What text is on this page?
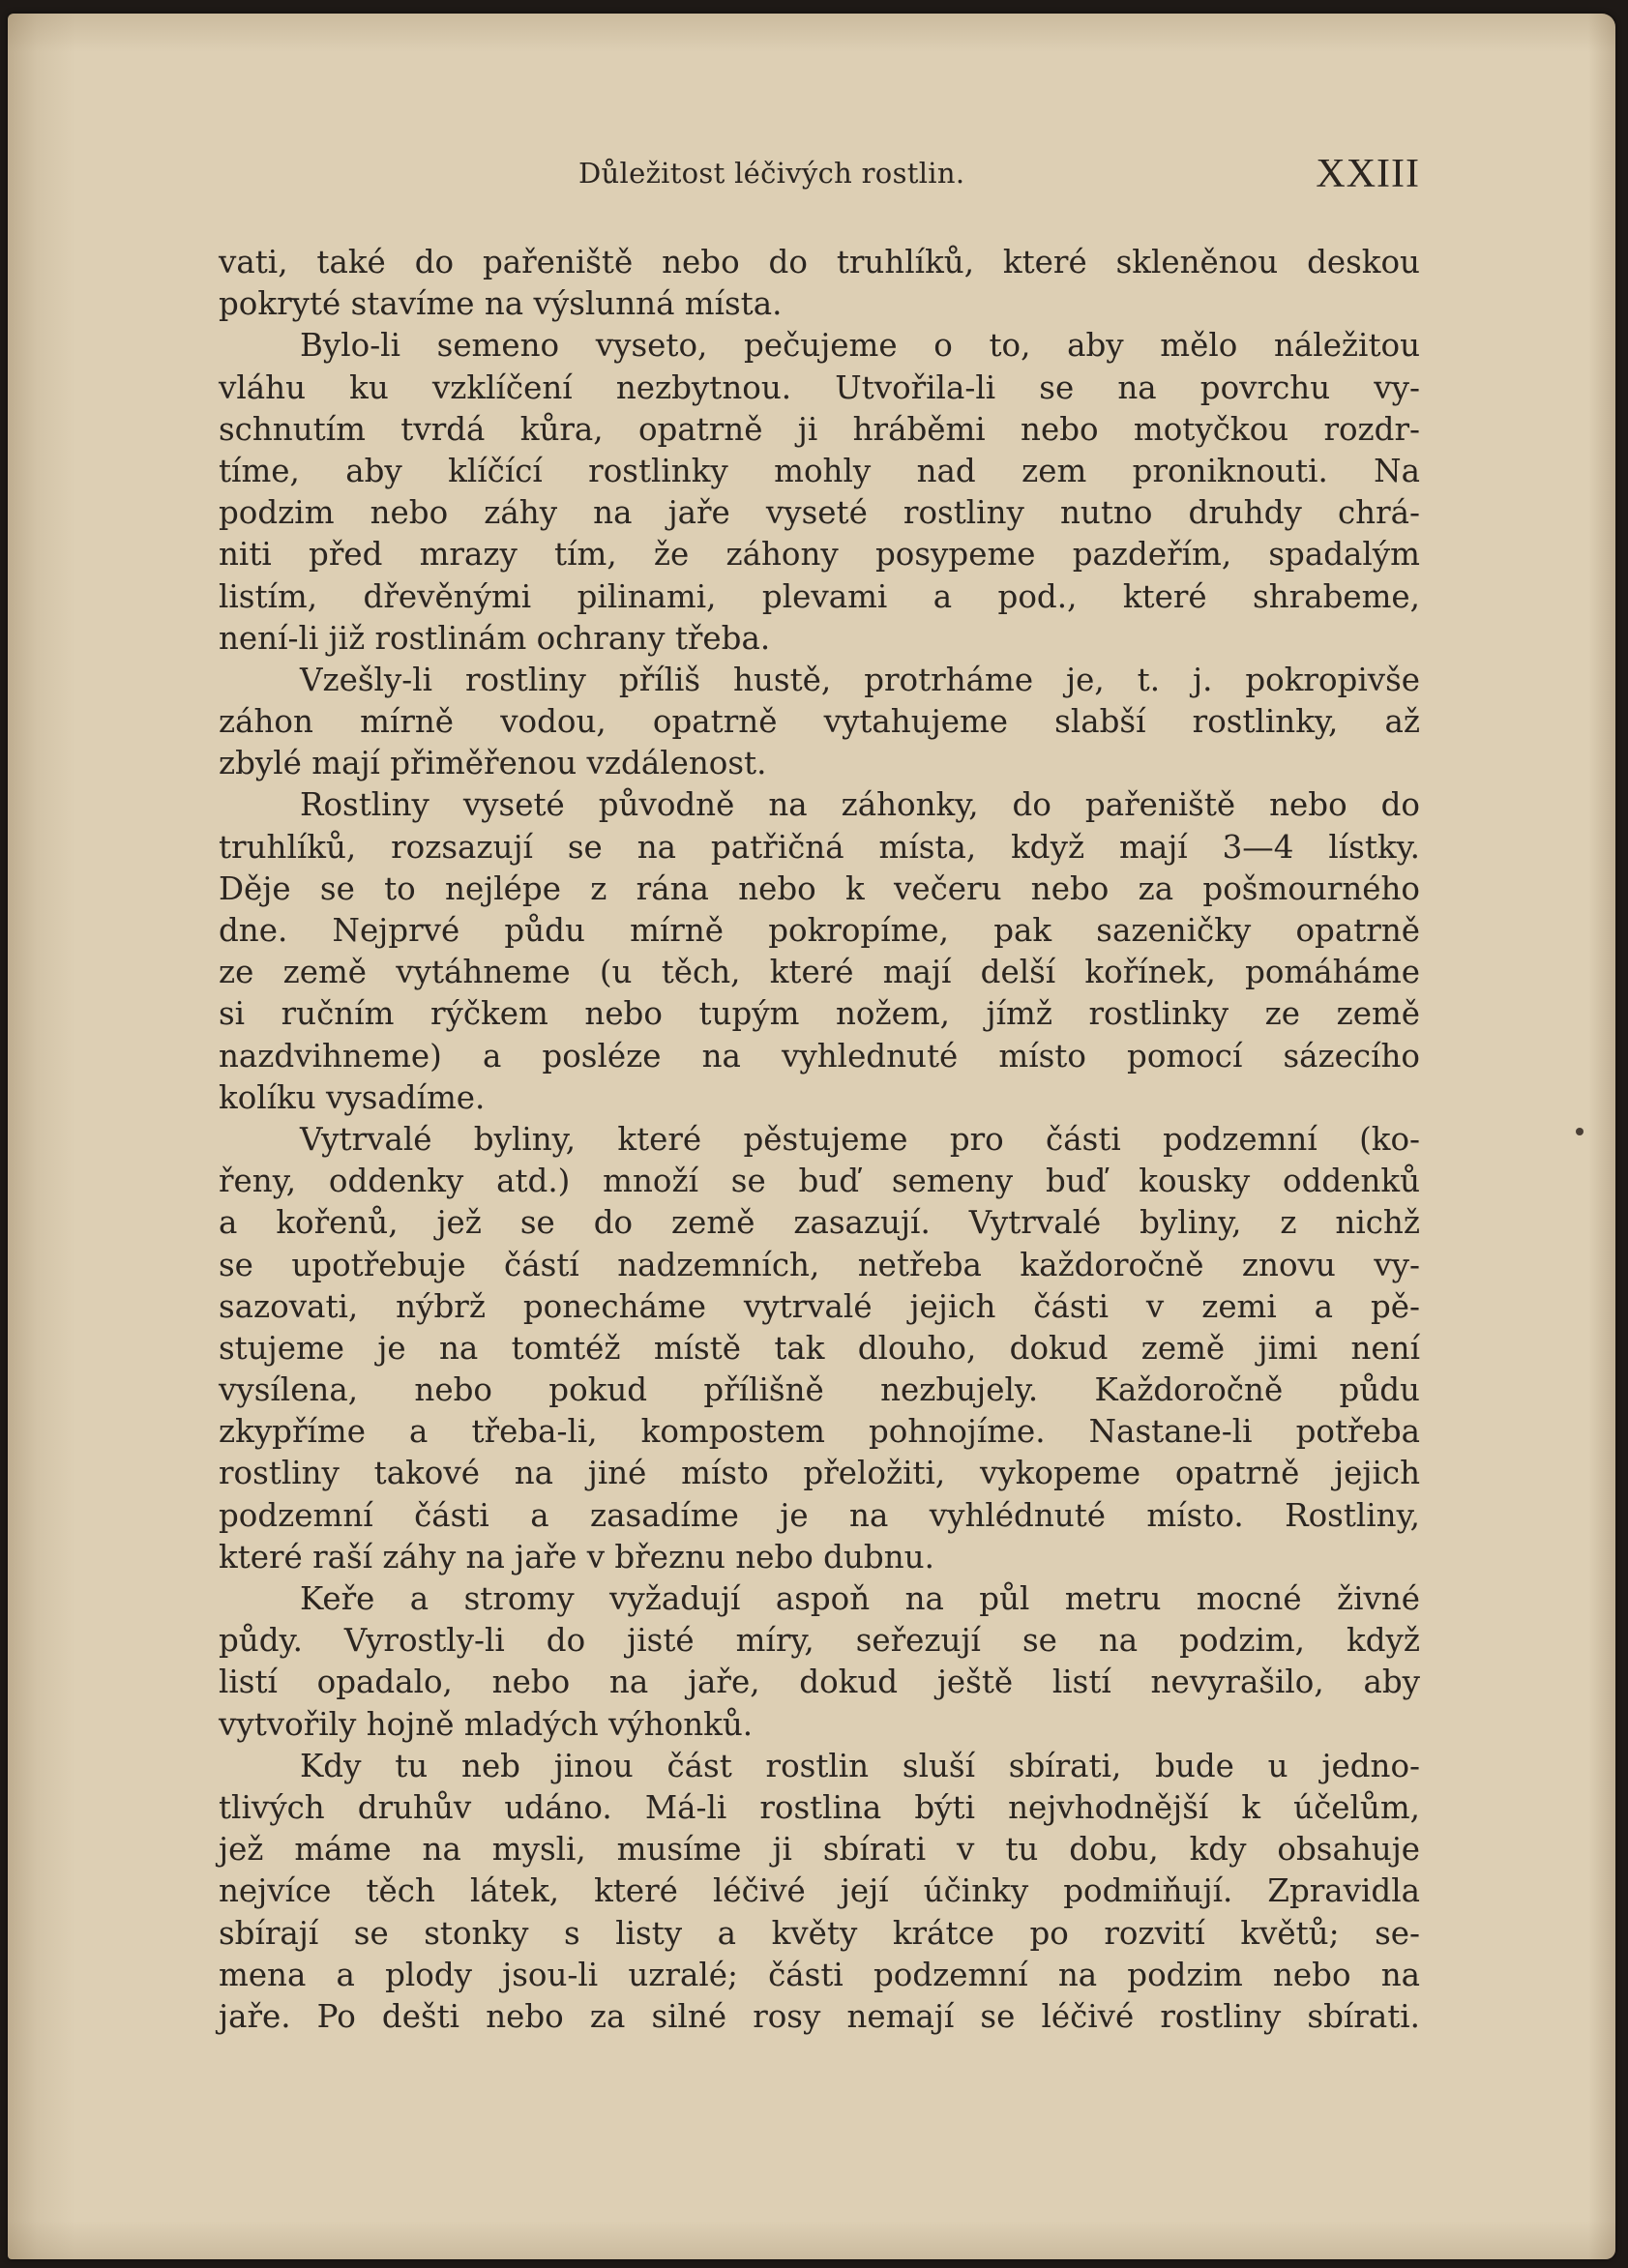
Důležitost léčivých rostlin.	XXIII
vati, také do pařeniště nebo do truhlíků, které skleněnou deskou
pokryté stavíme na výslunná místa.
Bylo-li semeno vyseto, pečujeme o to, aby mělo náležitou
vláhu ku vzklíčení nezbytnou. Utvořila-li se na povrchu vy-
schnutím tvrdá kůra, opatrně ji hráběmi nebo motyčkou rozdr-
tíme, aby klíčící rostlinky mohly nad zem proniknouti. Na
podzim nebo záhy na jaře vyseté rostliny nutno druhdy chrá-
niti před mrazy tím, že záhony posypeme pazdeřím, spadalým
listím, dřevěnými pilinami, plevami a pod., které shrabeme,
není-li již rostlinám ochrany třeba.
Vzešly-li rostliny příliš hustě, protrháme je, t. j. pokropivše
záhon mírně vodou, opatrně vytahujeme slabší rostlinky, až
zbylé mají přiměřenou vzdálenost.
Rostliny vyseté původně na záhonky, do pařeniště nebo do
truhlíků, rozsazují se na patřičná místa, když mají 3—4 lístky.
Děje se to nejlépe z rána nebo k večeru nebo za pošmourného
dne. Nejprvé půdu mírně pokropíme, pak sazeničky opatrně
ze země vytáhneme (u těch, které mají delší kořínek, pomáháme
si ručním rýčkem nebo tupým nožem, jímž rostlinky ze země
nazdvihneme) a posléze na vyhlednuté místo pomocí sázecího
kolíku vysadíme.
Vytrvalé byliny, které pěstujeme pro části podzemní (ko-
řeny, oddenky atd.) množí se buď semeny buď kousky oddenků
a kořenů, jež se do země zasazují. Vytrvalé byliny, z nichž
se upotřebuje částí nadzemních, netřeba každoročně znovu vy-
sazovati, nýbrž ponecháme vytrvalé jejich části v zemi a pě-
stujeme je na tomtéž místě tak dlouho, dokud země jimi není
vysílena, nebo pokud přílišně nezbujely. Každoročně půdu
zkypříme a třeba-li, kompostem pohnojíme. Nastane-li potřeba
rostliny takové na jiné místo přeložiti, vykopeme opatrně jejich
podzemní části a zasadíme je na vyhlédnuté místo. Rostliny,
které raší záhy na jaře v březnu nebo dubnu.
Keře a stromy vyžadují aspoň na půl metru mocné živné
půdy. Vyrostly-li do jisté míry, seřezují se na podzim, když
listí opadalo, nebo na jaře, dokud ještě listí nevyrašilo, aby
vytvořily hojně mladých výhonků.
Kdy tu neb jinou část rostlin sluší sbírati, bude u jedno-
tlivých druhův udáno. Má-li rostlina býti nejvhodnější k účelům,
jež máme na mysli, musíme ji sbírati v tu dobu, kdy obsahuje
nejvíce těch látek, které léčivé její účinky podmiňují. Zpravidla
sbírají se stonky s listy a květy krátce po rozvití květů; se-
mena a plody jsou-li uzralé; části podzemní na podzim nebo na
jaře. Po dešti nebo za silné rosy nemají se léčivé rostliny sbírati.
